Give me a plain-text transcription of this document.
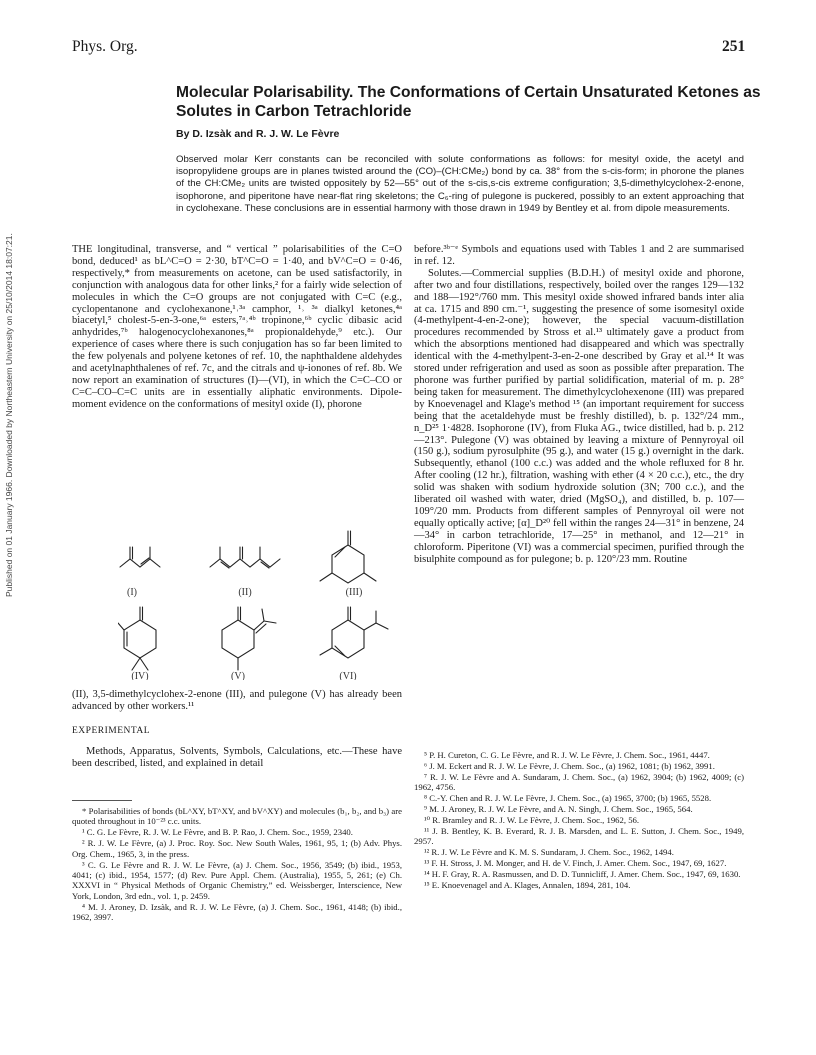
Published on 01 January 1966. Downloaded by Northeastern University on 25/10/2014 18:07:21.
Phys. Org.	251
Molecular Polarisability. The Conformations of Certain Unsaturated Ketones as Solutes in Carbon Tetrachloride
By D. Izsàk and R. J. W. Le Fèvre
Observed molar Kerr constants can be reconciled with solute conformations as follows: for mesityl oxide, the acetyl and isopropylidene groups are in planes twisted around the (CO)–(CH:CMe₂) bond by ca. 38° from the s-cis-form; in phorone the planes of the CH:CMe₂ units are twisted oppositely by 52—55° out of the s-cis,s-cis extreme configuration; 3,5-dimethylcyclohex-2-enone, isophorone, and piperitone have near-flat ring skeletons; the C₆-ring of pulegone is puckered, possibly to an extent approaching that in cyclohexane. These conclusions are in essential harmony with those drawn in 1949 by Bentley et al. from dipole measurements.

THE longitudinal, transverse, and “ vertical ” polarisabilities of the C=O bond, deduced¹ as bL^C=O = 2·30, bT^C=O = 1·40, and bV^C=O = 0·46, respectively,* from measurements on acetone, can be used satisfactorily, in conjunction with analogous data for other links,² for a fairly wide selection of molecules in which the C=O groups are not conjugated with C=C (e.g., cyclopentanone and cyclohexanone,¹˒³ᵃ camphor, ¹˒ ³ᵃ dialkyl ketones,⁴ᵃ biacetyl,⁵ cholest-5-en-3-one,⁶ᵃ esters,⁷ᵃ˒⁴ᵇ tropinone,⁶ᵇ cyclic dibasic acid anhydrides,⁷ᵇ halogenocyclohexanones,⁸ᵃ propionaldehyde,⁹ etc.). Our experience of cases where there is such conjugation has so far been limited to the few polyenals and polyene ketones of ref. 10, the naphthaldene aldehydes and acetylnaphthalenes of ref. 7c, and the citrals and ψ-ionones of ref. 8b. We now report an examination of structures (I)—(VI), in which the C=C–CO or C=C–CO–C=C units are in essentially aliphatic environments. Dipole-moment evidence on the conformations of mesityl oxide (I), phorone

(I)	(II)	(III)
(IV)	(V)	(VI)
(II), 3,5-dimethylcyclohex-2-enone (III), and pulegone (V) has already been advanced by other workers.¹¹
EXPERIMENTAL
Methods, Apparatus, Solvents, Symbols, Calculations, etc.—These have been described, listed, and explained in detail

* Polarisabilities of bonds (bL^XY, bT^XY, and bV^XY) and molecules (b₁, b₂, and b₃) are quoted throughout in 10⁻²³ c.c. units.

¹ C. G. Le Fèvre, R. J. W. Le Fèvre, and B. P. Rao, J. Chem. Soc., 1959, 2340.

² R. J. W. Le Fèvre, (a) J. Proc. Roy. Soc. New South Wales, 1961, 95, 1; (b) Adv. Phys. Org. Chem., 1965, 3, in the press.

³ C. G. Le Fèvre and R. J. W. Le Fèvre, (a) J. Chem. Soc., 1956, 3549; (b) ibid., 1953, 4041; (c) ibid., 1954, 1577; (d) Rev. Pure Appl. Chem. (Australia), 1955, 5, 261; (e) Ch. XXXVI in “ Physical Methods of Organic Chemistry,” ed. Weissberger, Interscience, New York, London, 3rd edn., vol. 1, p. 2459.

⁴ M. J. Aroney, D. Izsàk, and R. J. W. Le Fèvre, (a) J. Chem. Soc., 1961, 4148; (b) ibid., 1962, 3997.

before.³ᵇ⁻ᵉ Symbols and equations used with Tables 1 and 2 are summarised in ref. 12.

Solutes.—Commercial supplies (B.D.H.) of mesityl oxide and phorone, after two and four distillations, respectively, boiled over the ranges 129—132 and 188—192°/760 mm. This mesityl oxide showed infrared bands inter alia at ca. 1715 and 890 cm.⁻¹, suggesting the presence of some isomesityl oxide (4-methylpent-4-en-2-one); however, the special vacuum-distillation procedures recommended by Stross et al.¹³ ultimately gave a product from which the absorptions mentioned had disappeared and which was spectrally identical with the 4-methylpent-3-en-2-one described by Gray et al.¹⁴ It was stored under refrigeration and used as soon as possible after preparation. The phorone was further purified by partial solidification, material of m. p. 28° being taken for measurement. The dimethylcyclohexenone (III) was prepared by Knoevenagel and Klage's method ¹⁵ (an important requirement for success being that the acetaldehyde must be freshly distilled), b. p. 132°/24 mm., n_D²⁵ 1·4828. Isophorone (IV), from Fluka AG., twice distilled, had b. p. 212—213°. Pulegone (V) was obtained by leaving a mixture of Pennyroyal oil (150 g.), sodium pyrosulphite (95 g.), and water (15 g.) overnight in the dark. Subsequently, ethanol (100 c.c.) was added and the whole refluxed for 8 hr. After cooling (12 hr.), filtration, washing with ether (4 × 20 c.c.), etc., the dry solid was shaken with sodium hydroxide solution (3N; 700 c.c.), and the liberated oil washed with water, dried (MgSO₄), and distilled, b. p. 107—109°/20 mm. Products from different samples of Pennyroyal oil were not equally optically active; [α]_D²⁰ fell within the ranges 24—31° in benzene, 24—34° in carbon tetrachloride, 17—25° in methanol, and 12—21° in chloroform. Piperitone (VI) was a commercial specimen, purified through the bisulphite compound as for pulegone; b. p. 120°/23 mm. Routine

⁵ P. H. Cureton, C. G. Le Fèvre, and R. J. W. Le Fèvre, J. Chem. Soc., 1961, 4447.

⁶ J. M. Eckert and R. J. W. Le Fèvre, J. Chem. Soc., (a) 1962, 1081; (b) 1962, 3991.

⁷ R. J. W. Le Fèvre and A. Sundaram, J. Chem. Soc., (a) 1962, 3904; (b) 1962, 4009; (c) 1962, 4756.

⁸ C.-Y. Chen and R. J. W. Le Fèvre, J. Chem. Soc., (a) 1965, 3700; (b) 1965, 5528.

⁹ M. J. Aroney, R. J. W. Le Fèvre, and A. N. Singh, J. Chem. Soc., 1965, 564.

¹⁰ R. Bramley and R. J. W. Le Fèvre, J. Chem. Soc., 1962, 56.

¹¹ J. B. Bentley, K. B. Everard, R. J. B. Marsden, and L. E. Sutton, J. Chem. Soc., 1949, 2957.

¹² R. J. W. Le Fèvre and K. M. S. Sundaram, J. Chem. Soc., 1962, 1494.

¹³ F. H. Stross, J. M. Monger, and H. de V. Finch, J. Amer. Chem. Soc., 1947, 69, 1627.

¹⁴ H. F. Gray, R. A. Rasmussen, and D. D. Tunnicliff, J. Amer. Chem. Soc., 1947, 69, 1630.

¹⁵ E. Knoevenagel and A. Klages, Annalen, 1894, 281, 104.
